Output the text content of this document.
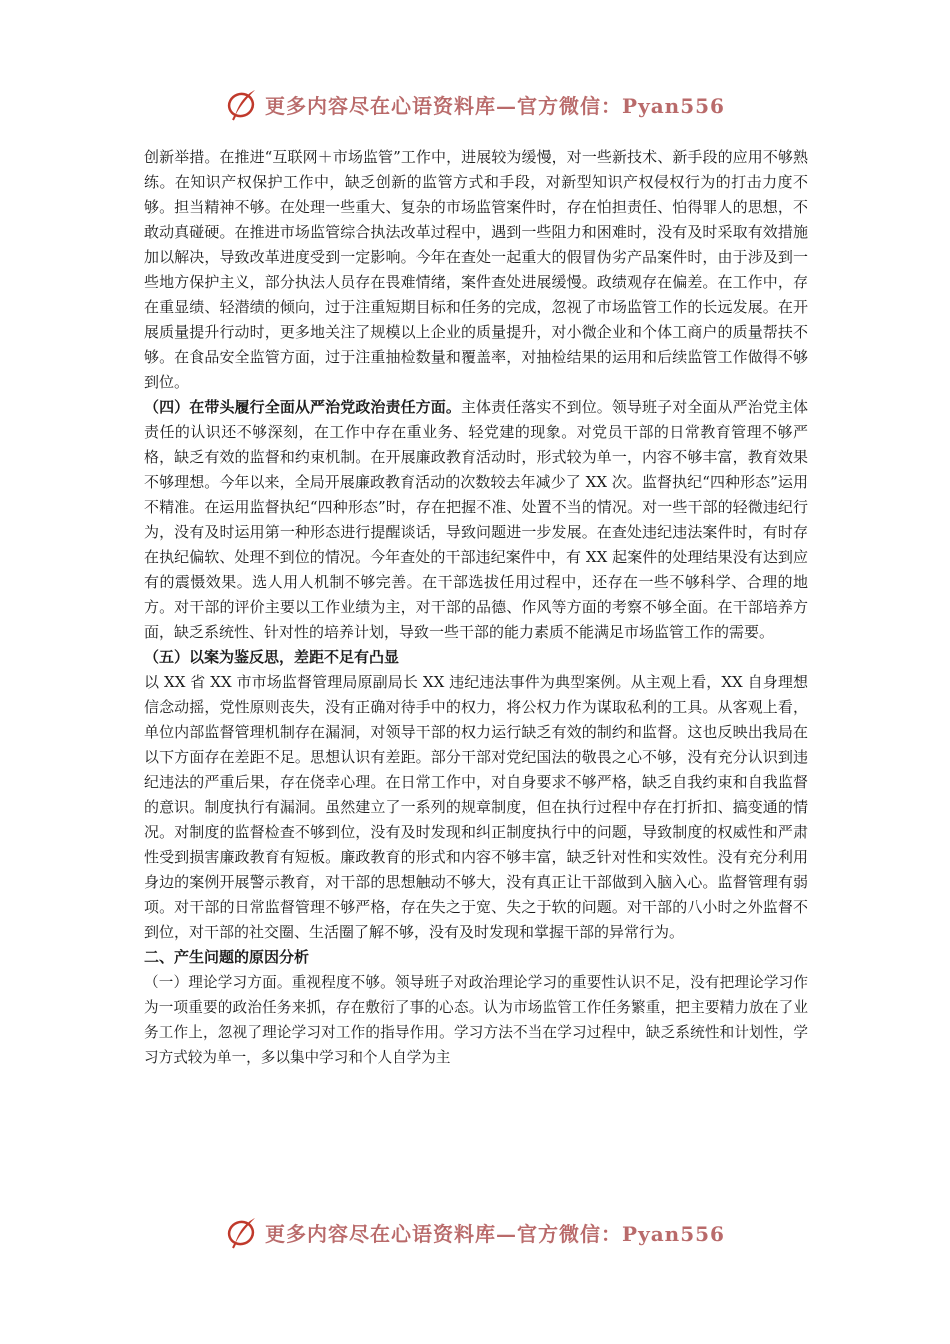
更多内容尽在心语资料库—官方微信：Pyan556

创新举措。在推进“互联网＋市场监管”工作中，进展较为缓慢，对一些新技术、新手段的应用不够熟练。在知识产权保护工作中，缺乏创新的监管方式和手段，对新型知识产权侵权行为的打击力度不够。担当精神不够。在处理一些重大、复杂的市场监管案件时，存在怕担责任、怕得罪人的思想，不敢动真碰硬。在推进市场监管综合执法改革过程中，遇到一些阻力和困难时，没有及时采取有效措施加以解决，导致改革进度受到一定影响。今年在查处一起重大的假冒伪劣产品案件时，由于涉及到一些地方保护主义，部分执法人员存在畏难情绪，案件查处进展缓慢。政绩观存在偏差。在工作中，存在重显绩、轻潜绩的倾向，过于注重短期目标和任务的完成，忽视了市场监管工作的长远发展。在开展质量提升行动时，更多地关注了规模以上企业的质量提升，对小微企业和个体工商户的质量帮扶不够。在食品安全监管方面，过于注重抽检数量和覆盖率，对抽检结果的运用和后续监管工作做得不够到位。

（四）在带头履行全面从严治党政治责任方面。主体责任落实不到位。领导班子对全面从严治党主体责任的认识还不够深刻，在工作中存在重业务、轻党建的现象。对党员干部的日常教育管理不够严格，缺乏有效的监督和约束机制。在开展廉政教育活动时，形式较为单一，内容不够丰富，教育效果不够理想。今年以来，全局开展廉政教育活动的次数较去年减少了 XX 次。监督执纪“四种形态”运用不精准。在运用监督执纪“四种形态”时，存在把握不准、处置不当的情况。对一些干部的轻微违纪行为，没有及时运用第一种形态进行提醒谈话，导致问题进一步发展。在查处违纪违法案件时，有时存在执纪偏软、处理不到位的情况。今年查处的干部违纪案件中，有 XX 起案件的处理结果没有达到应有的震慑效果。选人用人机制不够完善。在干部选拔任用过程中，还存在一些不够科学、合理的地方。对干部的评价主要以工作业绩为主，对干部的品德、作风等方面的考察不够全面。在干部培养方面，缺乏系统性、针对性的培养计划，导致一些干部的能力素质不能满足市场监管工作的需要。

（五）以案为鉴反思，差距不足有凸显

以 XX 省 XX 市市场监督管理局原副局长 XX 违纪违法事件为典型案例。从主观上看，XX 自身理想信念动摇，党性原则丧失，没有正确对待手中的权力，将公权力作为谋取私利的工具。从客观上看，单位内部监督管理机制存在漏洞，对领导干部的权力运行缺乏有效的制约和监督。这也反映出我局在以下方面存在差距不足。思想认识有差距。部分干部对党纪国法的敬畏之心不够，没有充分认识到违纪违法的严重后果，存在侥幸心理。在日常工作中，对自身要求不够严格，缺乏自我约束和自我监督的意识。制度执行有漏洞。虽然建立了一系列的规章制度，但在执行过程中存在打折扣、搞变通的情况。对制度的监督检查不够到位，没有及时发现和纠正制度执行中的问题，导致制度的权威性和严肃性受到损害廉政教育有短板。廉政教育的形式和内容不够丰富，缺乏针对性和实效性。没有充分利用身边的案例开展警示教育，对干部的思想触动不够大，没有真正让干部做到入脑入心。监督管理有弱项。对干部的日常监督管理不够严格，存在失之于宽、失之于软的问题。对干部的八小时之外监督不到位，对干部的社交圈、生活圈了解不够，没有及时发现和掌握干部的异常行为。

二、产生问题的原因分析

（一）理论学习方面。重视程度不够。领导班子对政治理论学习的重要性认识不足，没有把理论学习作为一项重要的政治任务来抓，存在敷衍了事的心态。认为市场监管工作任务繁重，把主要精力放在了业务工作上，忽视了理论学习对工作的指导作用。学习方法不当在学习过程中，缺乏系统性和计划性，学习方式较为单一，多以集中学习和个人自学为主

更多内容尽在心语资料库—官方微信：Pyan556
